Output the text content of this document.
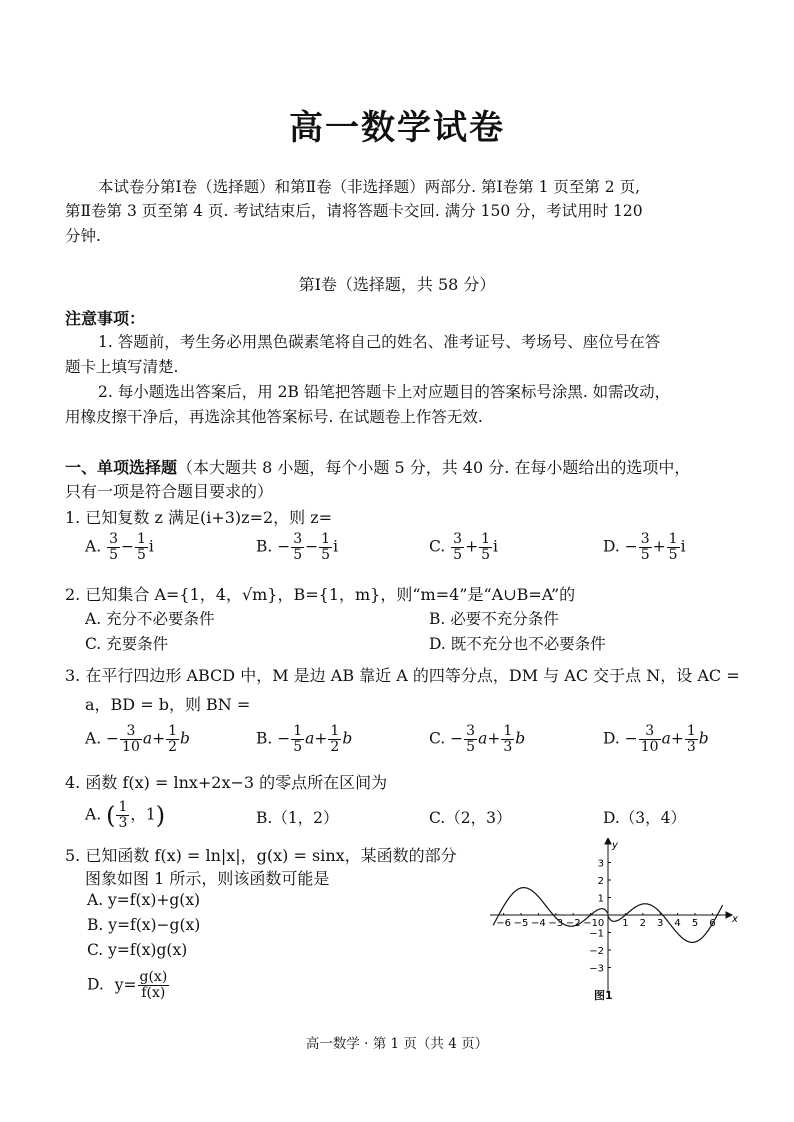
高一数学试卷
本试卷分第Ⅰ卷（选择题）和第Ⅱ卷（非选择题）两部分. 第Ⅰ卷第 1 页至第 2 页,
第Ⅱ卷第 3 页至第 4 页. 考试结束后，请将答题卡交回. 满分 150 分，考试用时 120
分钟.
第Ⅰ卷（选择题，共 58 分）
注意事项：
1. 答题前，考生务必用黑色碳素笔将自己的姓名、准考证号、考场号、座位号在答
题卡上填写清楚.
2. 每小题选出答案后，用 2B 铅笔把答题卡上对应题目的答案标号涂黑. 如需改动，
用橡皮擦干净后，再选涂其他答案标号. 在试题卷上作答无效.
一、单项选择题（本大题共 8 小题，每个小题 5 分，共 40 分. 在每小题给出的选项中，
只有一项是符合题目要求的）
1. 已知复数 z 满足(i+3)z=2，则 z=
A. $\frac{3}{5} - \frac{1}{5}$ i	B. − $\frac{3}{5} - \frac{1}{5}$ i	C. $\frac{3}{5} + \frac{1}{5}$ i	D. − $\frac{3}{5} + \frac{1}{5}$ i
2. 已知集合 A={1，4，√m}，B={1，m}，则“m=4”是“A∪B=A”的
A. 充分不必要条件	B. 必要不充分条件
C. 充要条件	D. 既不充分也不必要条件
3. 在平行四边形 ABCD 中，M 是边 AB 靠近 A 的四等分点，DM 与 AC 交于点 N，设 AC =
a，BD = b，则 BN =
A. − $\frac{3}{10} a+ \frac{1}{2}$ b	B. − $\frac{1}{5} a+ \frac{1}{2}$ b	C. − $\frac{3}{5} a+ \frac{1}{3}$ b	D. − $\frac{3}{10} a+ \frac{1}{3}$ b
4. 函数 f(x) = lnx+2x−3 的零点所在区间为
A. ( $\frac{1}{3}$ ，1)	B.（1，2）	C.（2，3）	D.（3，4）
5. 已知函数 f(x) = ln|x|，g(x) = sinx，某函数的部分
图象如图 1 所示，则该函数可能是
A. y=f(x)+g(x)
B. y=f(x)−g(x)
C. y=f(x)g(x)
D. $y= \frac{g(x)}{f(x)}$
−6 −5 −4 −3 −2 −1 0 1 2 3 4 5 6
3
2
1
−1
−2
−3
x
y
图1
高一数学 · 第 1 页（共 4 页）
